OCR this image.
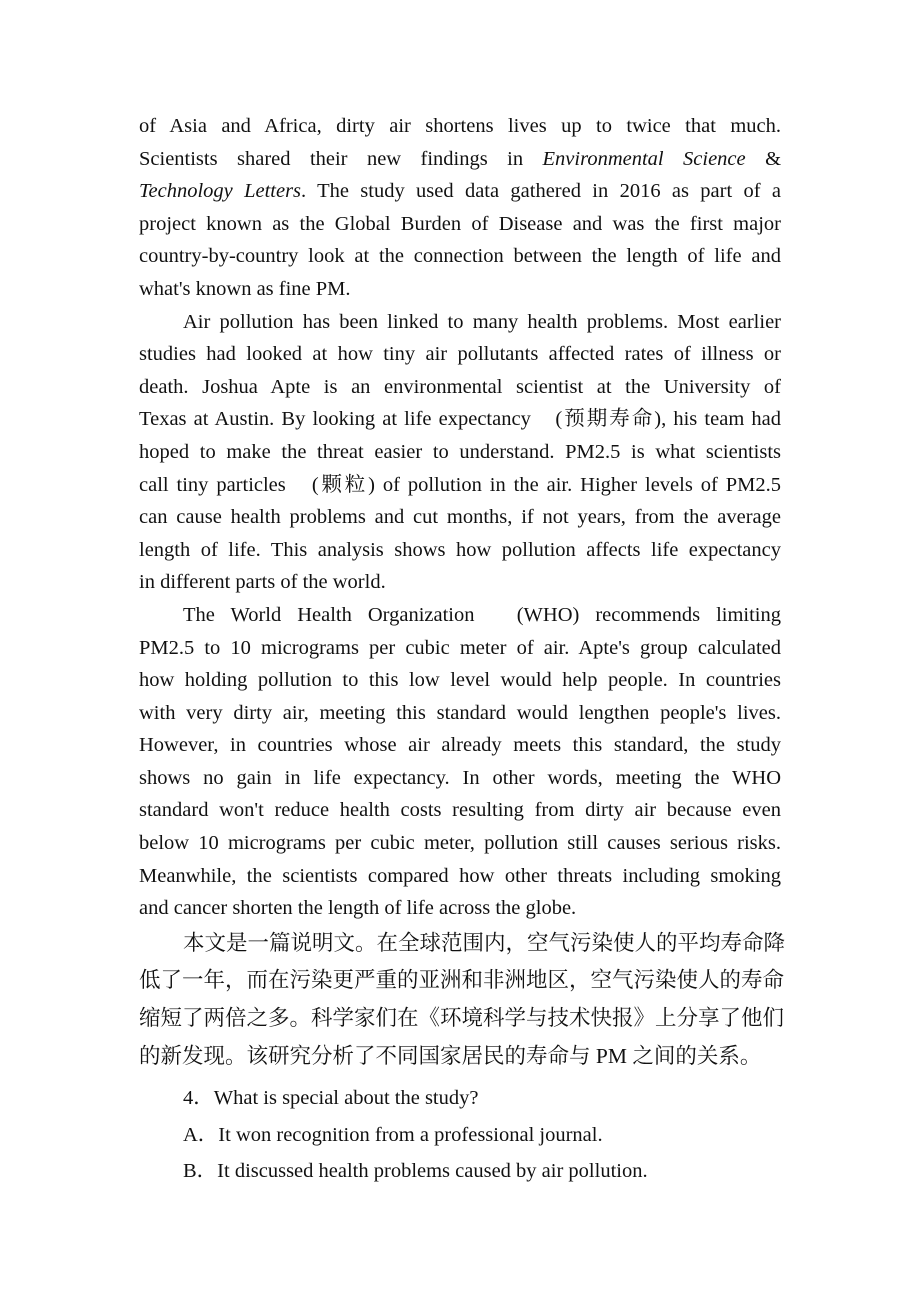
of Asia and Africa, dirty air shortens lives up to twice that much.
Scientists shared their new findings in Environmental Science &
Technology Letters. The study used data gathered in 2016 as part of a
project known as the Global Burden of Disease and was the first major
country-by-country look at the connection between the length of life and
what's known as fine PM.
Air pollution has been linked to many health problems. Most earlier
studies had looked at how tiny air pollutants affected rates of illness or
death. Joshua Apte is an environmental scientist at the University of
Texas at Austin. By looking at life expectancy　(预期寿命), his team had
hoped to make the threat easier to understand. PM2.5 is what scientists
call tiny particles　(颗粒) of pollution in the air. Higher levels of PM2.5
can cause health problems and cut months, if not years, from the average
length of life. This analysis shows how pollution affects life expectancy
in different parts of the world.
The World Health Organization　(WHO) recommends limiting
PM2.5 to 10 micrograms per cubic meter of air. Apte's group calculated
how holding pollution to this low level would help people. In countries
with very dirty air, meeting this standard would lengthen people's lives.
However, in countries whose air already meets this standard, the study
shows no gain in life expectancy. In other words, meeting the WHO
standard won't reduce health costs resulting from dirty air because even
below 10 micrograms per cubic meter, pollution still causes serious risks.
Meanwhile, the scientists compared how other threats including smoking
and cancer shorten the length of life across the globe.
本文是一篇说明文。在全球范围内，空气污染使人的平均寿命降
低了一年，而在污染更严重的亚洲和非洲地区，空气污染使人的寿命
缩短了两倍之多。科学家们在《环境科学与技术快报》上分享了他们
的新发现。该研究分析了不同国家居民的寿命与 PM 之间的关系。
4．What is special about the study?
A．It won recognition from a professional journal.
B．It discussed health problems caused by air pollution.
